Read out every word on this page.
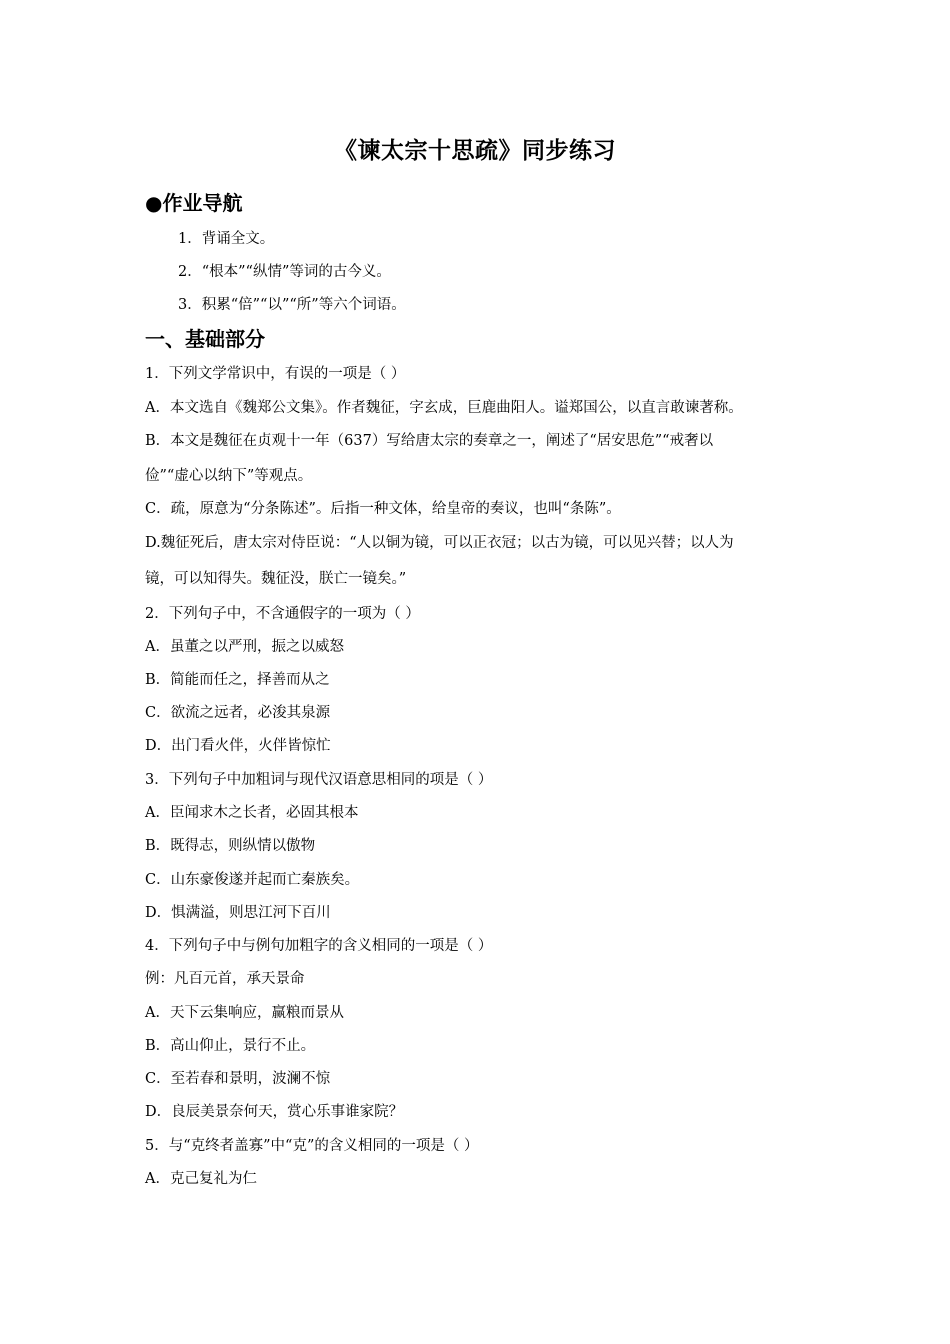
《谏太宗十思疏》同步练习
●作业导航
1．背诵全文。
2．“根本”“纵情”等词的古今义。
3．积累“倍”“以”“所”等六个词语。
一、基础部分
1．下列文学常识中，有误的一项是（ ）
A．本文选自《魏郑公文集》。作者魏征，字玄成，巨鹿曲阳人。谥郑国公，以直言敢谏著称。
B．本文是魏征在贞观十一年（637）写给唐太宗的奏章之一，阐述了“居安思危”“戒奢以
俭”“虚心以纳下”等观点。
C．疏，原意为“分条陈述”。后指一种文体，给皇帝的奏议，也叫“条陈”。
D.魏征死后，唐太宗对侍臣说：“人以铜为镜，可以正衣冠；以古为镜，可以见兴替；以人为
镜，可以知得失。魏征没，朕亡一镜矣。”
2．下列句子中，不含通假字的一项为（ ）
A．虽董之以严刑，振之以威怒
B．简能而任之，择善而从之
C．欲流之远者，必浚其泉源
D．出门看火伴，火伴皆惊忙
3．下列句子中加粗词与现代汉语意思相同的项是（ ）
A．臣闻求木之长者，必固其根本
B．既得志，则纵情以傲物
C．山东豪俊遂并起而亡秦族矣。
D．惧满溢，则思江河下百川
4．下列句子中与例句加粗字的含义相同的一项是（ ）
例：凡百元首，承天景命
A．天下云集响应，赢粮而景从
B．高山仰止，景行不止。
C．至若春和景明，波澜不惊
D．良辰美景奈何天，赏心乐事谁家院？
5．与“克终者盖寡”中“克”的含义相同的一项是（ ）
A．克己复礼为仁
